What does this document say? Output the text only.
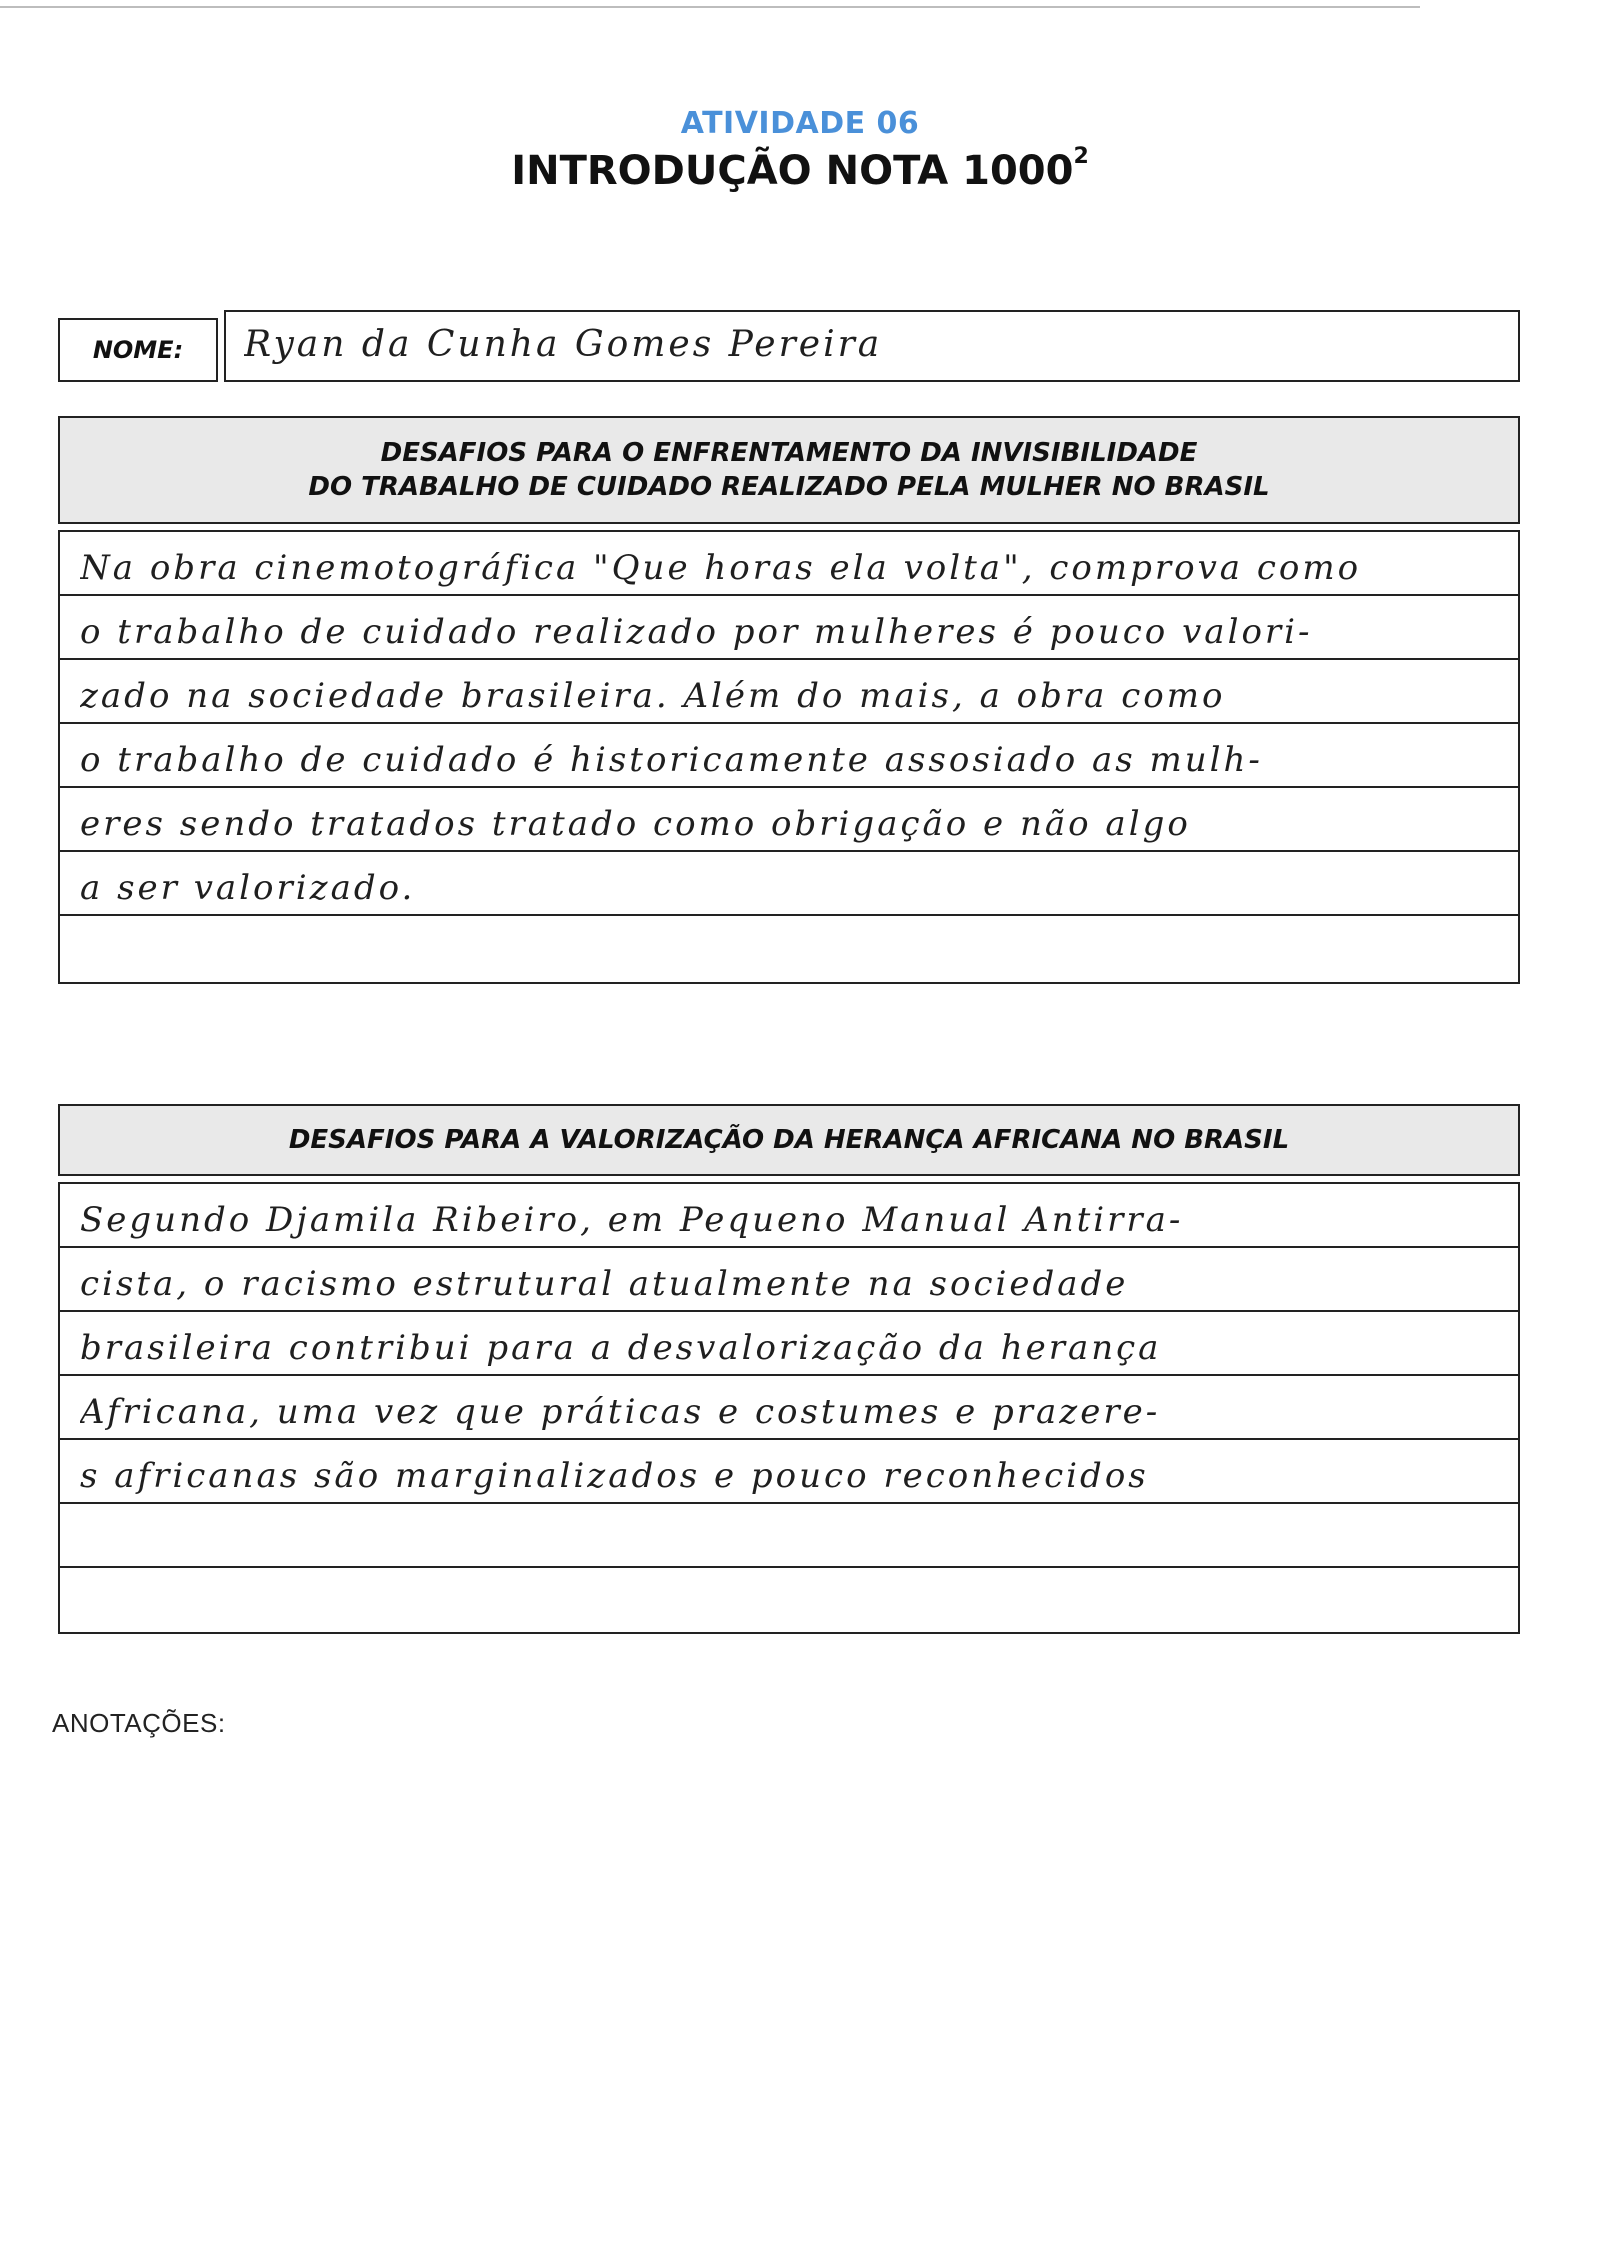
ATIVIDADE 06
INTRODUÇÃO NOTA 1000$^2$
NOME: Ryan da Cunha Gomes Pereira
DESAFIOS PARA O ENFRENTAMENTO DA INVISIBILIDADE
DO TRABALHO DE CUIDADO REALIZADO PELA MULHER NO BRASIL
Na obra cinemotográfica "Que horas ela volta", comprova como
o trabalho de cuidado realizado por mulheres é pouco valori-
zado na sociedade brasileira. Além do mais, a obra como
o trabalho de cuidado é historicamente assosiado as mulh-
eres sendo tratados tratado como obrigação e não algo
a ser valorizado.
DESAFIOS PARA A VALORIZAÇÃO DA HERANÇA AFRICANA NO BRASIL
Segundo Djamila Ribeiro, em Pequeno Manual Antirra-
cista, o racismo estrutural atualmente na sociedade
brasileira contribui para a desvalorização da herança
Africana, uma vez que práticas e costumes e prazere-
s africanas são marginalizados e pouco reconhecidos
ANOTAÇÕES:
